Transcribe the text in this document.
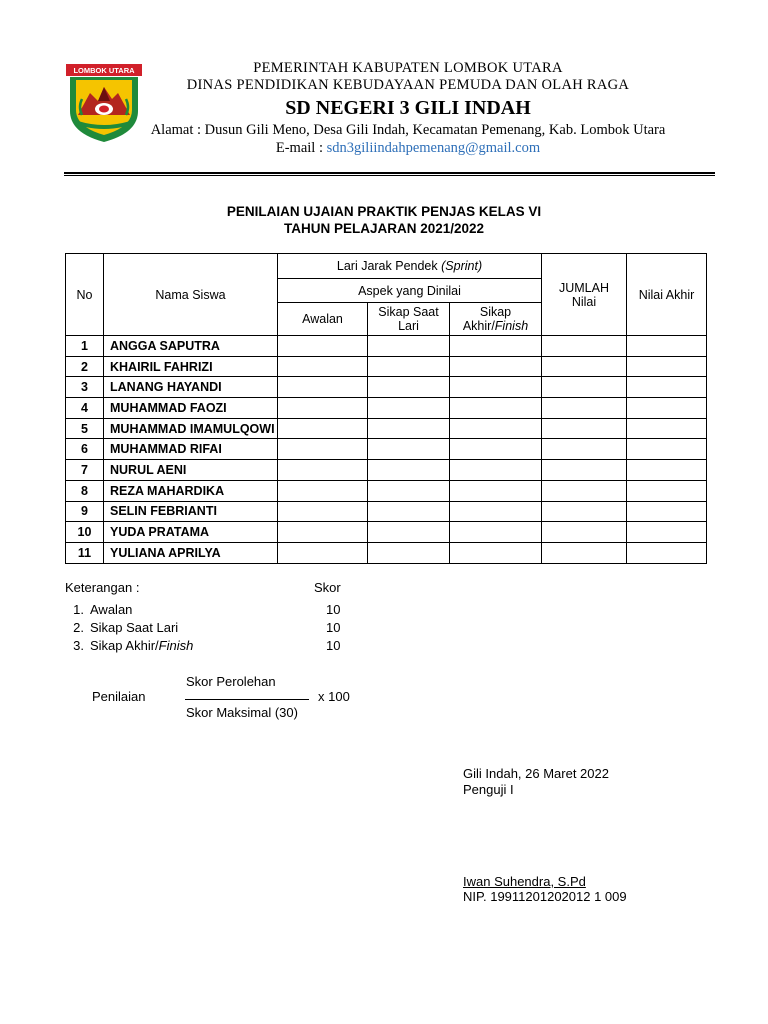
LOMBOK UTARA	PEMERINTAH KABUPATEN LOMBOK UTARA
DINAS PENDIDIKAN KEBUDAYAAN PEMUDA DAN OLAH RAGA
SD NEGERI 3 GILI INDAH
Alamat : Dusun Gili Meno, Desa Gili Indah, Kecamatan Pemenang, Kab. Lombok Utara
E-mail : sdn3giliindahpemenang@gmail.com
PENILAIAN UJAIAN PRAKTIK PENJAS KELAS VI
TAHUN PELAJARAN 2021/2022
No	Nama Siswa	Lari Jarak Pendek (Sprint)			JUMLAH Nilai	Nilai Akhir
		Aspek yang Dinilai				
		Awalan	Sikap Saat Lari	Sikap Akhir/Finish		

1	ANGGA SAPUTRA					
2	KHAIRIL FAHRIZI					
3	LANANG HAYANDI					
4	MUHAMMAD FAOZI					
5	MUHAMMAD IMAMULQOWI					
6	MUHAMMAD RIFAI					
7	NURUL AENI					
8	REZA MAHARDIKA					
9	SELIN FEBRIANTI					
10	YUDA PRATAMA					
11	YULIANA APRILYA					
Keterangan :	Skor
1. Awalan	10
2. Sikap Saat Lari	10
3. Sikap Akhir/Finish	10
Penilaian
Skor Perolehan
Skor Maksimal (30)
x 100
Gili Indah, 26 Maret 2022
Penguji I
Iwan Suhendra, S.Pd
NIP. 19911201202012 1 009
